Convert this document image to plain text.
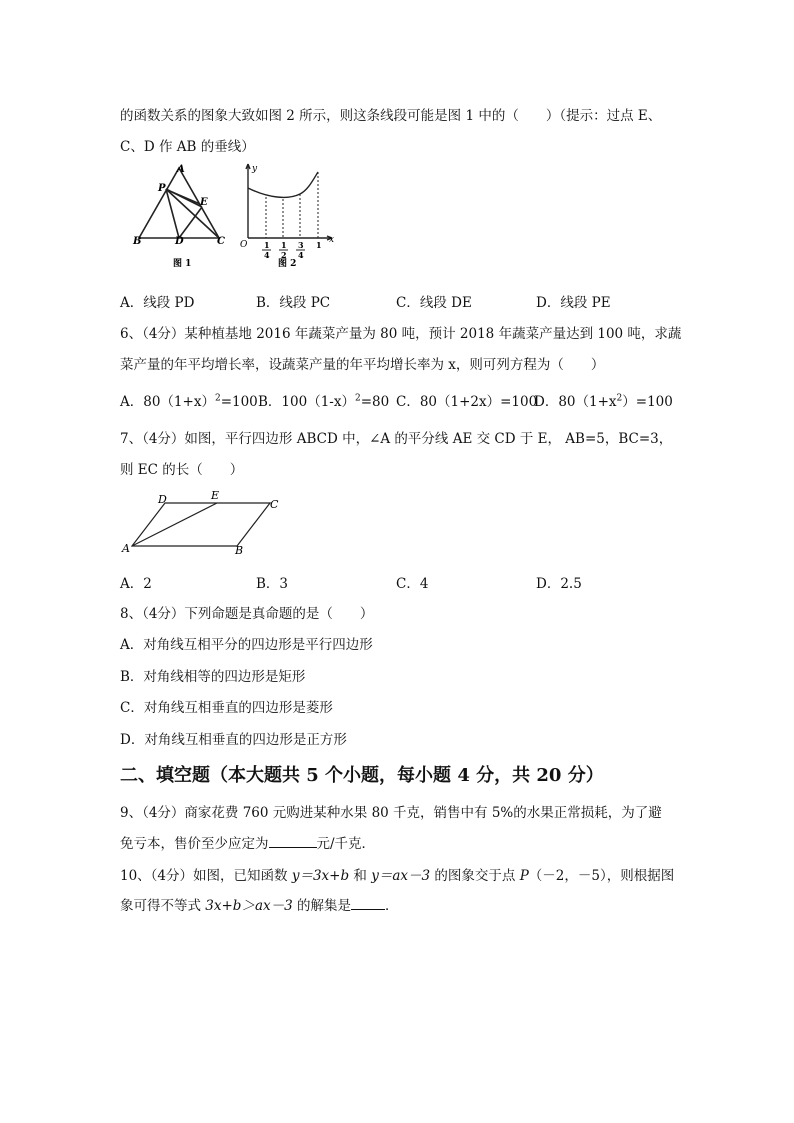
的函数关系的图象大致如图 2 所示，则这条线段可能是图 1 中的（　　）（提示：过点 E、
C、D 作 AB 的垂线）
A
P
E
B	D	C
图 1
y
x
O 1
4
1
2
3
4
1
图 2
A．线段 PD	B．线段 PC	C．线段 DE	D．线段 PE
6、（4分）某种植基地 2016 年蔬菜产量为 80 吨，预计 2018 年蔬菜产量达到 100 吨，求蔬
菜产量的年平均增长率，设蔬菜产量的年平均增长率为 x，则可列方程为（　　）
A．$80(1+x)^2=100$ B．$100(1-x)^2=80$ C．80（1+2x）=100
D．$80(1+x^2)=100$
7、（4分）如图，平行四边形 ABCD 中，∠A 的平分线 AE 交 CD 于 E， AB=5，BC=3，
则 EC 的长（　　）
D	E
C
A	B
A．2	B．3	C．4	D．2.5
8、（4分）下列命题是真命题的是（　　）
A．对角线互相平分的四边形是平行四边形
B．对角线相等的四边形是矩形
C．对角线互相垂直的四边形是菱形
D．对角线互相垂直的四边形是正方形
二、填空题（本大题共 5 个小题，每小题 4 分，共 20 分）
9、（4分）商家花费 760 元购进某种水果 80 千克，销售中有 5%的水果正常损耗，为了避
免亏本，售价至少应定为	元/千克．
10、（4分）如图，已知函数 y＝3x+b 和 y＝ax－3 的图象交于点 P（－2，－5），则根据图
象可得不等式 3x+b＞ax－3 的解集是	．
